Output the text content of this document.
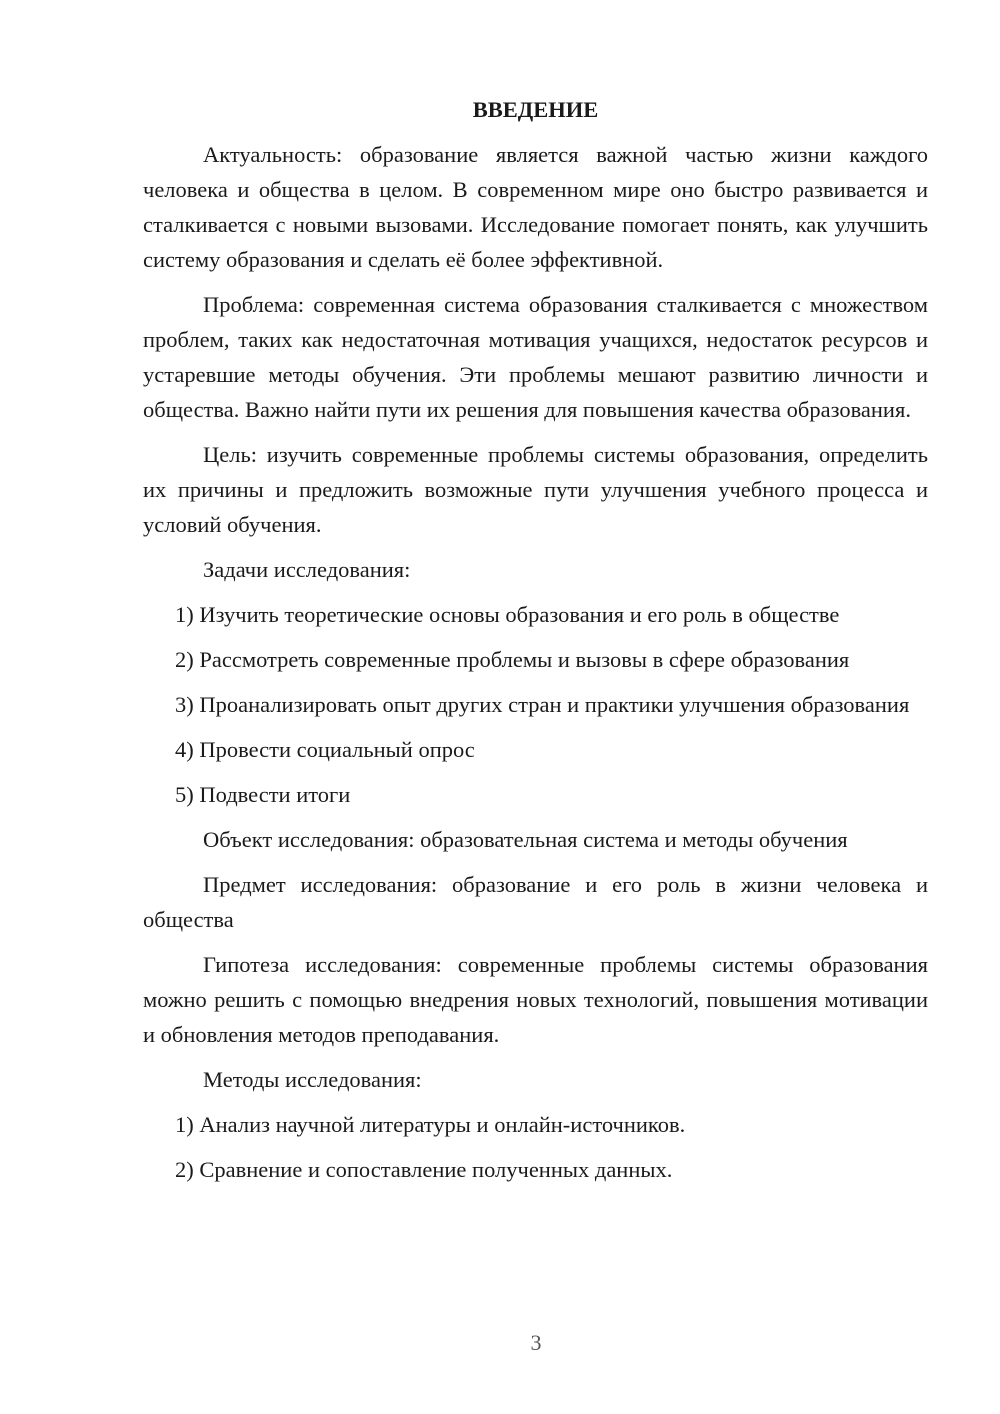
ВВЕДЕНИЕ

Актуальность: образование является важной частью жизни каждого человека и общества в целом. В современном мире оно быстро развивается и сталкивается с новыми вызовами. Исследование помогает понять, как улучшить систему образования и сделать её более эффективной.

Проблема: современная система образования сталкивается с множеством проблем, таких как недостаточная мотивация учащихся, недостаток ресурсов и устаревшие методы обучения. Эти проблемы мешают развитию личности и общества. Важно найти пути их решения для повышения качества образования.

Цель: изучить современные проблемы системы образования, определить их причины и предложить возможные пути улучшения учебного процесса и условий обучения.

Задачи исследования:

1) Изучить теоретические основы образования и его роль в обществе

2) Рассмотреть современные проблемы и вызовы в сфере образования

3) Проанализировать опыт других стран и практики улучшения образования

4) Провести социальный опрос

5) Подвести итоги

Объект исследования: образовательная система и методы обучения

Предмет исследования: образование и его роль в жизни человека и общества

Гипотеза исследования: современные проблемы системы образования можно решить с помощью внедрения новых технологий, повышения мотивации и обновления методов преподавания.

Методы исследования:

1) Анализ научной литературы и онлайн-источников.

2) Сравнение и сопоставление полученных данных.

3
